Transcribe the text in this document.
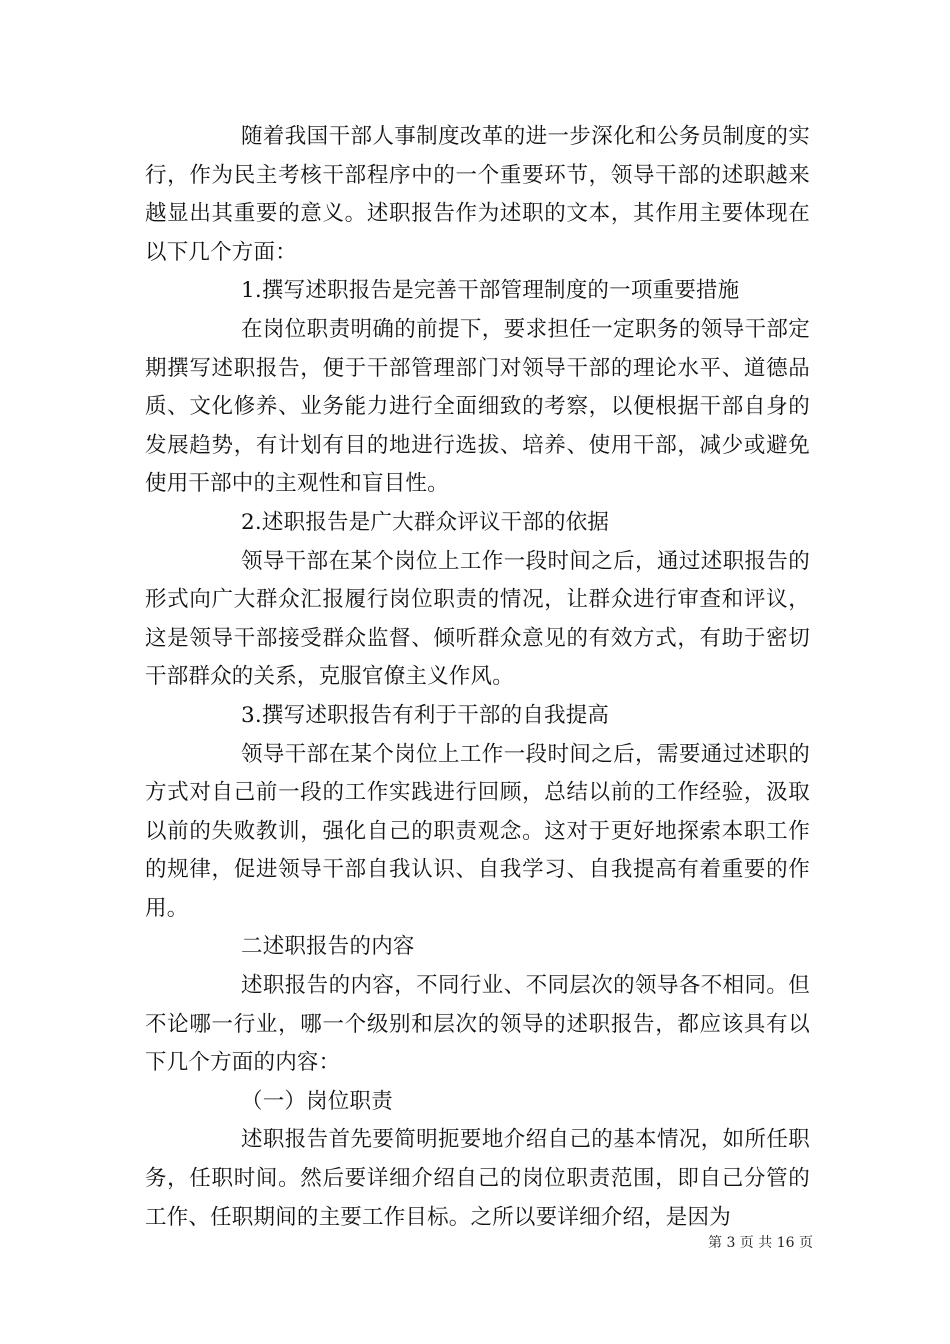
随着我国干部人事制度改革的进一步深化和公务员制度的实行，作为民主考核干部程序中的一个重要环节，领导干部的述职越来越显出其重要的意义。述职报告作为述职的文本，其作用主要体现在以下几个方面：

1.撰写述职报告是完善干部管理制度的一项重要措施

在岗位职责明确的前提下，要求担任一定职务的领导干部定期撰写述职报告，便于干部管理部门对领导干部的理论水平、道德品质、文化修养、业务能力进行全面细致的考察，以便根据干部自身的发展趋势，有计划有目的地进行选拔、培养、使用干部，减少或避免使用干部中的主观性和盲目性。

2.述职报告是广大群众评议干部的依据

领导干部在某个岗位上工作一段时间之后，通过述职报告的形式向广大群众汇报履行岗位职责的情况，让群众进行审查和评议，这是领导干部接受群众监督、倾听群众意见的有效方式，有助于密切干部群众的关系，克服官僚主义作风。

3.撰写述职报告有利于干部的自我提高

领导干部在某个岗位上工作一段时间之后，需要通过述职的方式对自己前一段的工作实践进行回顾，总结以前的工作经验，汲取以前的失败教训，强化自己的职责观念。这对于更好地探索本职工作的规律，促进领导干部自我认识、自我学习、自我提高有着重要的作用。

二述职报告的内容

述职报告的内容，不同行业、不同层次的领导各不相同。但不论哪一行业，哪一个级别和层次的领导的述职报告，都应该具有以下几个方面的内容：

（一）岗位职责

述职报告首先要简明扼要地介绍自己的基本情况，如所任职务，任职时间。然后要详细介绍自己的岗位职责范围，即自己分管的工作、任职期间的主要工作目标。之所以要详细介绍，是因为

第 3 页 共 16 页
